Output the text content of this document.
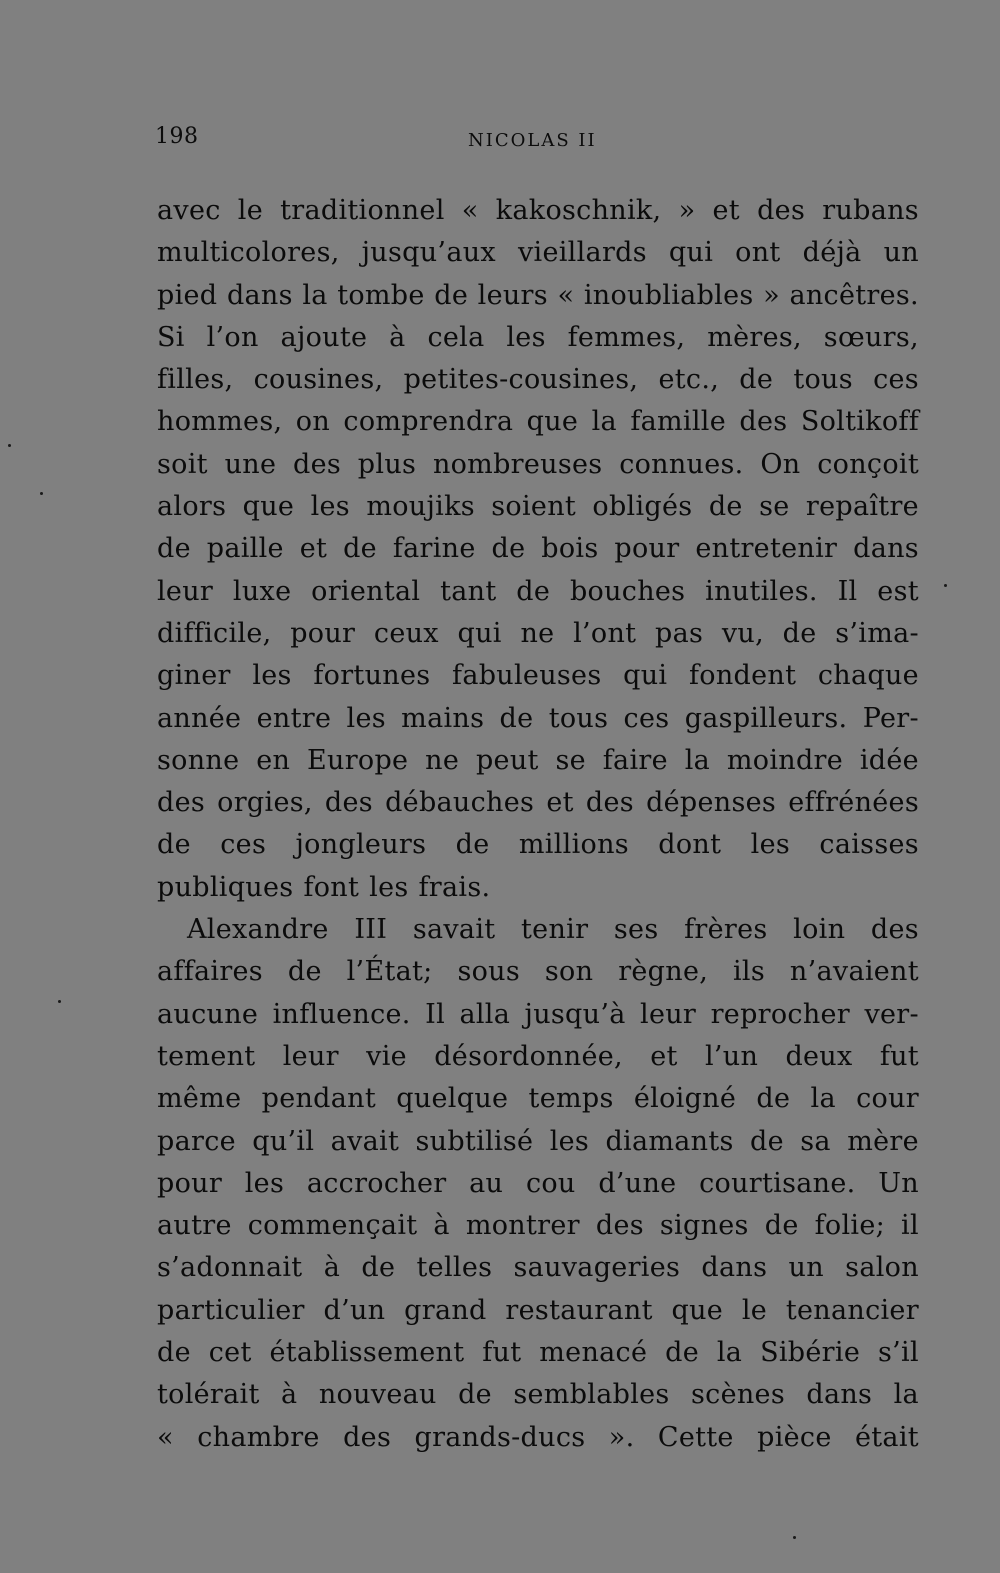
198	NICOLAS II
avec le traditionnel « kakoschnik, » et des rubans
multicolores, jusqu’aux vieillards qui ont déjà un
pied dans la tombe de leurs « inoubliables » ancêtres.
Si l’on ajoute à cela les femmes, mères, sœurs,
filles, cousines, petites-cousines, etc., de tous ces
hommes, on comprendra que la famille des Soltikoff
soit une des plus nombreuses connues. On conçoit
alors que les moujiks soient obligés de se repaître
de paille et de farine de bois pour entretenir dans
leur luxe oriental tant de bouches inutiles. Il est
difficile, pour ceux qui ne l’ont pas vu, de s’ima-
giner les fortunes fabuleuses qui fondent chaque
année entre les mains de tous ces gaspilleurs. Per-
sonne en Europe ne peut se faire la moindre idée
des orgies, des débauches et des dépenses effrénées
de ces jongleurs de millions dont les caisses
publiques font les frais.
Alexandre III savait tenir ses frères loin des
affaires de l’État; sous son règne, ils n’avaient
aucune influence. Il alla jusqu’à leur reprocher ver-
tement leur vie désordonnée, et l’un deux fut
même pendant quelque temps éloigné de la cour
parce qu’il avait subtilisé les diamants de sa mère
pour les accrocher au cou d’une courtisane. Un
autre commençait à montrer des signes de folie; il
s’adonnait à de telles sauvageries dans un salon
particulier d’un grand restaurant que le tenancier
de cet établissement fut menacé de la Sibérie s’il
tolérait à nouveau de semblables scènes dans la
« chambre des grands-ducs ». Cette pièce était
